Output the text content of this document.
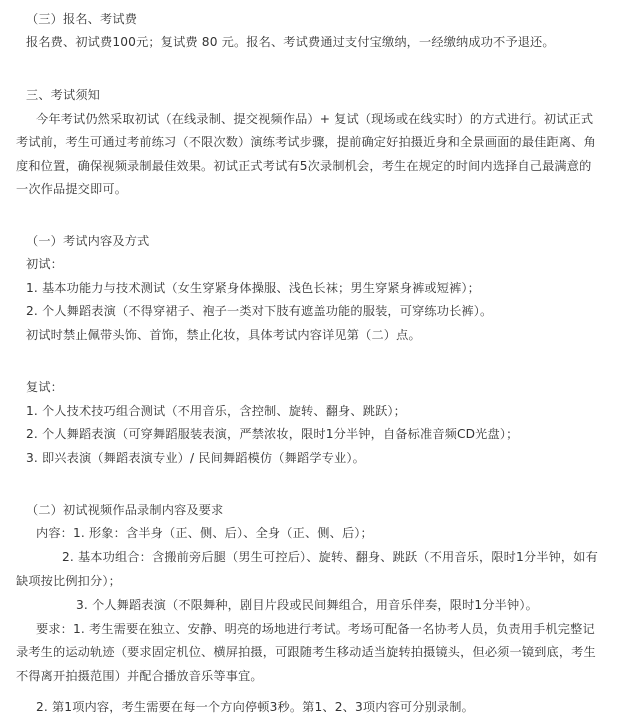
（三）报名、考试费
报名费、初试费100元；复试费 80 元。报名、考试费通过支付宝缴纳，一经缴纳成功不予退还。
三、考试须知
今年考试仍然采取初试（在线录制、提交视频作品）+ 复试（现场或在线实时）的方式进行。初试正式
考试前，考生可通过考前练习（不限次数）演练考试步骤，提前确定好拍摄近身和全景画面的最佳距离、角
度和位置，确保视频录制最佳效果。初试正式考试有5次录制机会，考生在规定的时间内选择自己最满意的
一次作品提交即可。
（一）考试内容及方式
初试：
1. 基本功能力与技术测试（女生穿紧身体操服、浅色长袜；男生穿紧身裤或短裤）；
2. 个人舞蹈表演（不得穿裙子、袍子一类对下肢有遮盖功能的服装，可穿练功长裤）。
初试时禁止佩带头饰、首饰，禁止化妆，具体考试内容详见第（二）点。
复试：
1. 个人技术技巧组合测试（不用音乐，含控制、旋转、翻身、跳跃）；
2. 个人舞蹈表演（可穿舞蹈服装表演，严禁浓妆，限时1分半钟，自备标准音频CD光盘）；
3. 即兴表演（舞蹈表演专业）/ 民间舞蹈模仿（舞蹈学专业）。
（二）初试视频作品录制内容及要求
内容：1. 形象：含半身（正、侧、后）、全身（正、侧、后）；
2. 基本功组合：含搬前旁后腿（男生可控后）、旋转、翻身、跳跃（不用音乐，限时1分半钟，如有
缺项按比例扣分）；
3. 个人舞蹈表演（不限舞种，剧目片段或民间舞组合，用音乐伴奏，限时1分半钟）。
要求：1. 考生需要在独立、安静、明亮的场地进行考试。考场可配备一名协考人员，负责用手机完整记
录考生的运动轨迹（要求固定机位、横屏拍摄，可跟随考生移动适当旋转拍摄镜头，但必须一镜到底，考生
不得离开拍摄范围）并配合播放音乐等事宜。
2. 第1项内容，考生需要在每一个方向停顿3秒。第1、2、3项内容可分别录制。
